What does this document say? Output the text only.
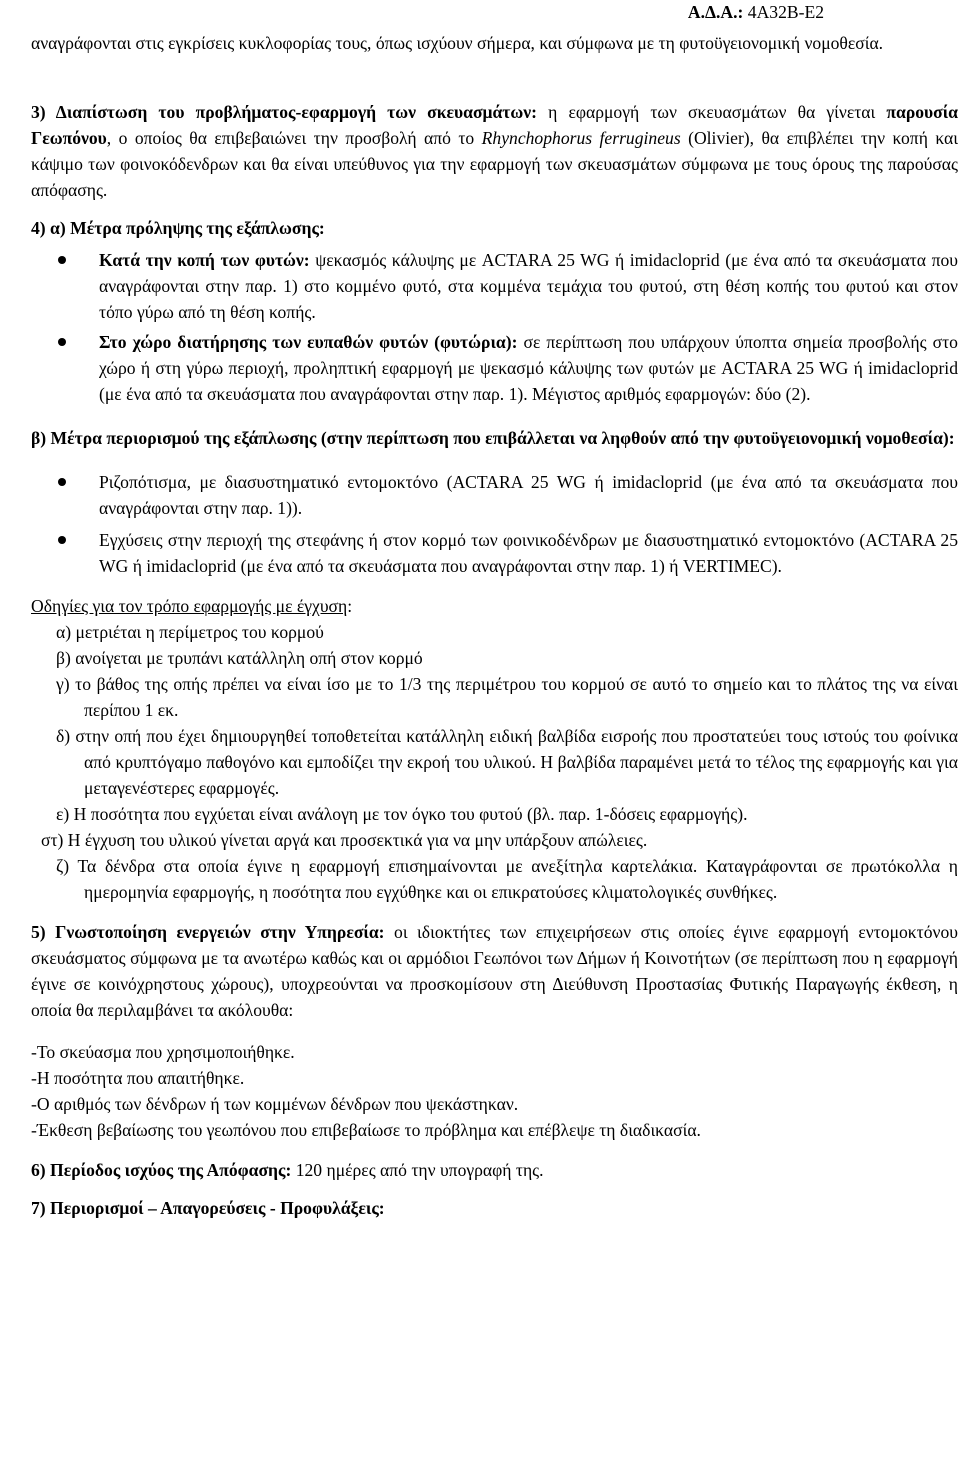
Α.Δ.Α.: 4Α32Β-Ε2

αναγράφονται στις εγκρίσεις κυκλοφορίας τους, όπως ισχύουν σήμερα, και σύμφωνα με τη φυτοϋγειονομική νομοθεσία.

3) Διαπίστωση του προβλήματος-εφαρμογή των σκευασμάτων: η εφαρμογή των σκευασμάτων θα γίνεται παρουσία Γεωπόνου, ο οποίος θα επιβεβαιώνει την προσβολή από το Rhynchophorus ferrugineus (Olivier), θα επιβλέπει την κοπή και κάψιμο των φοινοκόδενδρων και θα είναι υπεύθυνος για την εφαρμογή των σκευασμάτων σύμφωνα με τους όρους της παρούσας απόφασης.

4) α) Μέτρα πρόληψης της εξάπλωσης:

Κατά την κοπή των φυτών: ψεκασμός κάλυψης με ACTARA 25 WG ή imidacloprid (με ένα από τα σκευάσματα που αναγράφονται στην παρ. 1) στο κομμένο φυτό, στα κομμένα τεμάχια του φυτού, στη θέση κοπής του φυτού και στον τόπο γύρω από τη θέση κοπής.
Στο χώρο διατήρησης των ευπαθών φυτών (φυτώρια): σε περίπτωση που υπάρχουν ύποπτα σημεία προσβολής στο χώρο ή στη γύρω περιοχή, προληπτική εφαρμογή με ψεκασμό κάλυψης των φυτών με ACTARA 25 WG ή imidacloprid (με ένα από τα σκευάσματα που αναγράφονται στην παρ. 1). Μέγιστος αριθμός εφαρμογών: δύο (2).

β) Μέτρα περιορισμού της εξάπλωσης (στην περίπτωση που επιβάλλεται να ληφθούν από την φυτοϋγειονομική νομοθεσία):

Ριζοπότισμα, με διασυστηματικό εντομοκτόνο (ACTARA 25 WG ή imidacloprid (με ένα από τα σκευάσματα που αναγράφονται στην παρ. 1)).
Εγχύσεις στην περιοχή της στεφάνης ή στον κορμό των φοινικοδένδρων με διασυστηματικό εντομοκτόνο (ACTARA 25 WG ή imidacloprid (με ένα από τα σκευάσματα που αναγράφονται στην παρ. 1) ή VERTIMEC).

Οδηγίες για τον τρόπο εφαρμογής με έγχυση:

α) μετριέται η περίμετρος του κορμού
β) ανοίγεται με τρυπάνι κατάλληλη οπή στον κορμό
γ) το βάθος της οπής πρέπει να είναι ίσο με το 1/3 της περιμέτρου του κορμού σε αυτό το σημείο και το πλάτος της να είναι περίπου 1 εκ.
δ) στην οπή που έχει δημιουργηθεί τοποθετείται κατάλληλη ειδική βαλβίδα εισροής που προστατεύει τους ιστούς του φοίνικα από κρυπτόγαμο παθογόνο και εμποδίζει την εκροή του υλικού. Η βαλβίδα παραμένει μετά το τέλος της εφαρμογής και για μεταγενέστερες εφαρμογές.
ε) Η ποσότητα που εγχύεται είναι ανάλογη με τον όγκο του φυτού (βλ. παρ. 1-δόσεις εφαρμογής).
στ) Η έγχυση του υλικού γίνεται αργά και προσεκτικά για να μην υπάρξουν απώλειες.
ζ) Τα δένδρα στα οποία έγινε η εφαρμογή επισημαίνονται με ανεξίτηλα καρτελάκια. Καταγράφονται σε πρωτόκολλα η ημερομηνία εφαρμογής, η ποσότητα που εγχύθηκε και οι επικρατούσες κλιματολογικές συνθήκες.

5) Γνωστοποίηση ενεργειών στην Υπηρεσία: οι ιδιοκτήτες των επιχειρήσεων στις οποίες έγινε εφαρμογή εντομοκτόνου σκευάσματος σύμφωνα με τα ανωτέρω καθώς και οι αρμόδιοι Γεωπόνοι των Δήμων ή Κοινοτήτων (σε περίπτωση που η εφαρμογή έγινε σε κοινόχρηστους χώρους), υποχρεούνται να προσκομίσουν στη Διεύθυνση Προστασίας Φυτικής Παραγωγής έκθεση, η οποία θα περιλαμβάνει τα ακόλουθα:

-Το σκεύασμα που χρησιμοποιήθηκε.
-Η ποσότητα που απαιτήθηκε.
-Ο αριθμός των δένδρων ή των κομμένων δένδρων που ψεκάστηκαν.
-Έκθεση βεβαίωσης του γεωπόνου που επιβεβαίωσε το πρόβλημα και επέβλεψε τη διαδικασία.

6) Περίοδος ισχύος της Απόφασης: 120 ημέρες από την υπογραφή της.

7) Περιορισμοί – Απαγορεύσεις - Προφυλάξεις:
